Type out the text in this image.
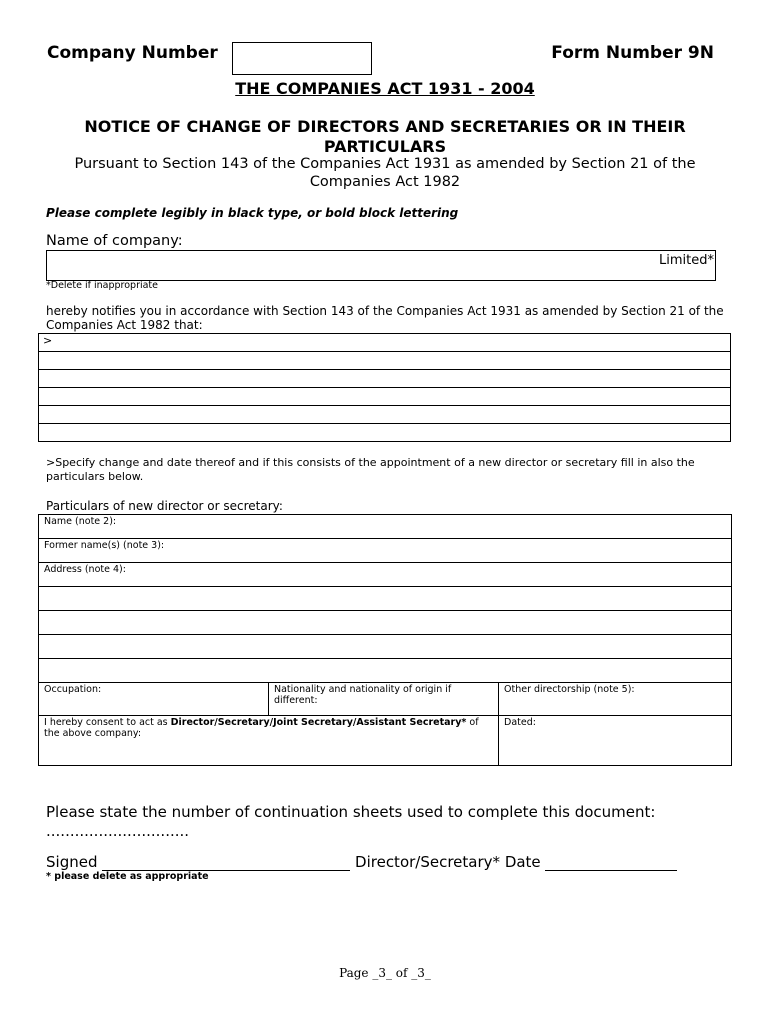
Company Number	Form Number 9N
THE COMPANIES ACT 1931 - 2004
NOTICE OF CHANGE OF DIRECTORS AND SECRETARIES OR IN THEIR PARTICULARS
Pursuant to Section 143 of the Companies Act 1931 as amended by Section 21 of the Companies Act 1982
Please complete legibly in black type, or bold block lettering
Name of company:
Limited*
*Delete if inappropriate
hereby notifies you in accordance with Section 143 of the Companies Act 1931 as amended by Section 21 of the Companies Act 1982 that:
>

>Specify change and date thereof and if this consists of the appointment of a new director or secretary fill in also the particulars below.
Particulars of new director or secretary:
Name (note 2):		
Former name(s) (note 3):		
Address (note 4):		

Occupation:	Nationality and nationality of origin if different:	Other directorship (note 5):
I hereby consent to act as Director/Secretary/Joint Secretary/Assistant Secretary* of the above company:		Dated:
Please state the number of continuation sheets used to complete this document:
..............................
Signed	Director/Secretary* Date
* please delete as appropriate
Page _3_ of _3_
